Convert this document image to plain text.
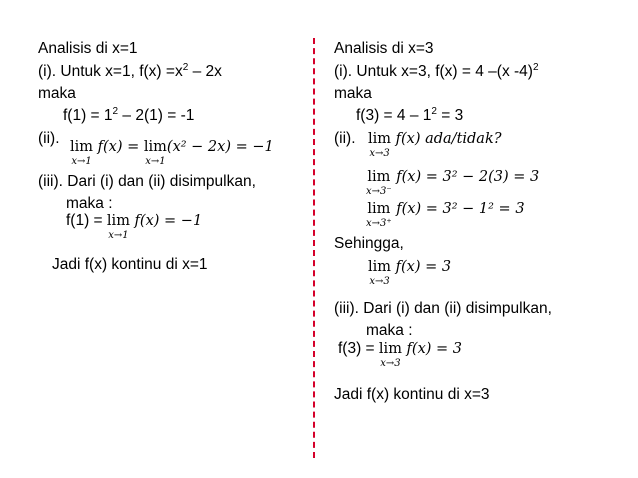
Analisis di x=1
(i). Untuk x=1, $f(x) =x^2 - 2x$
maka
$f(1) = 1^2 - 2(1) = -1$
(ii). lim
x→1
f(x) = lim
x→1
(x² − 2x) = −1
(iii). Dari (i) dan (ii) disimpulkan,
maka :
f(1) = lim
x→1
f(x) = −1
Jadi f(x) kontinu di x=1
Analisis di x=3
(i). Untuk x=3, f(x) = 4 –(x -4)$^2$
maka
$f(3) = 4 - 1^2 = 3$
(ii). lim
x→3
f(x) ada/tidak?
lim
x→3⁻
f(x) = 3² − 2(3) = 3
lim
x→3⁺
f(x) = 3² − 1² = 3
Sehingga,
lim
x→3
f(x) = 3
(iii). Dari (i) dan (ii) disimpulkan,
maka :
f(3) = lim
x→3
f(x) = 3
Jadi f(x) kontinu di x=3
